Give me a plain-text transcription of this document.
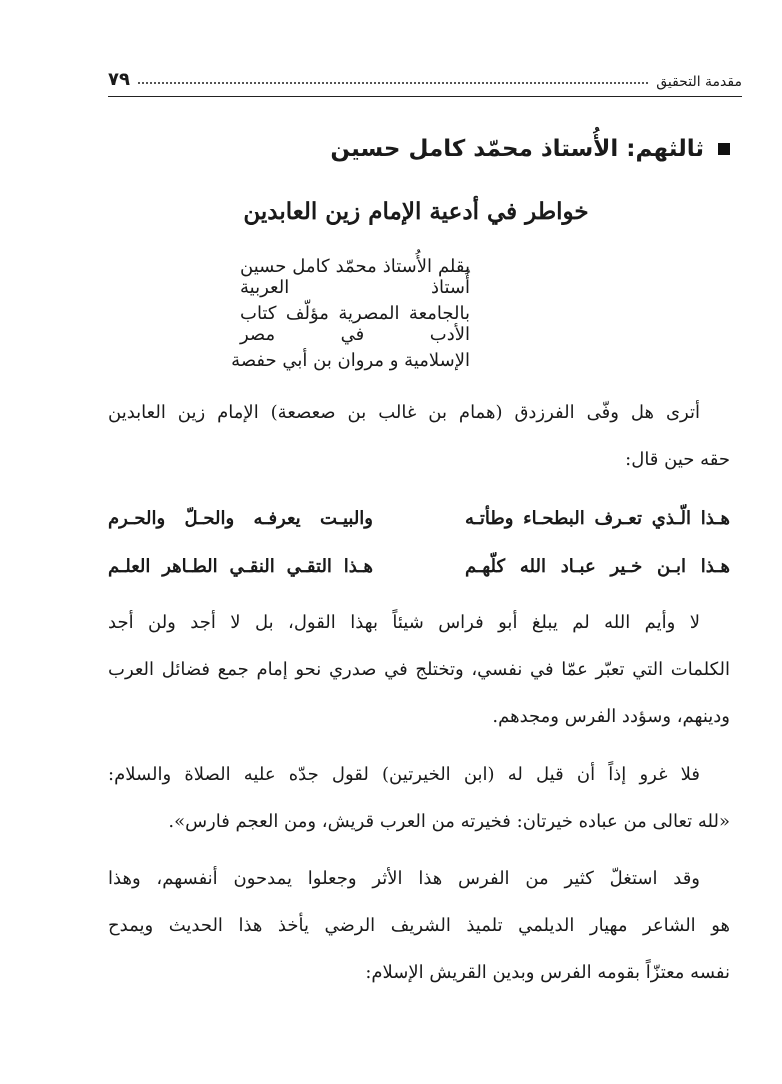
مقدمة التحقيق
٧٩
ثالثهم: الأُستاذ محمّد كامل حسين
خواطر في أدعية الإمام زين العابدين
بقلم الأُستاذ محمّد كامل حسين أُستاذ العربية
بالجامعة المصرية مؤلّف كتاب الأدب في مصر
الإسلامية و مروان بن أبي حفصة
أترى هل وفّى الفرزدق (همام بن غالب بن صعصعة) الإمام زين العابدين
حقه حين قال:
هـذا الّـذي تعـرف البطحـاء وطأتـه
والبيـت يعرفـه والحـلّ والحـرم
هـذا ابـن خـير عبـاد الله كلّهـم
هـذا التقـي النقـي الطـاهر العلـم
لا وأيم الله لم يبلغ أبو فراس شيئاً بهذا القول، بل لا أجد ولن أجد
الكلمات التي تعبّر عمّا في نفسي، وتختلج في صدري نحو إمام جمع فضائل العرب
ودينهم، وسؤدد الفرس ومجدهم.
فلا غرو إذاً أن قيل له (ابن الخيرتين) لقول جدّه عليه الصلاة والسلام:
«لله تعالى من عباده خيرتان: فخيرته من العرب قريش، ومن العجم فارس».
وقد استغلّ كثير من الفرس هذا الأثر وجعلوا يمدحون أنفسهم، وهذا
هو الشاعر مهيار الديلمي تلميذ الشريف الرضي يأخذ هذا الحديث ويمدح
نفسه معتزّاً بقومه الفرس وبدين القريش الإسلام:
